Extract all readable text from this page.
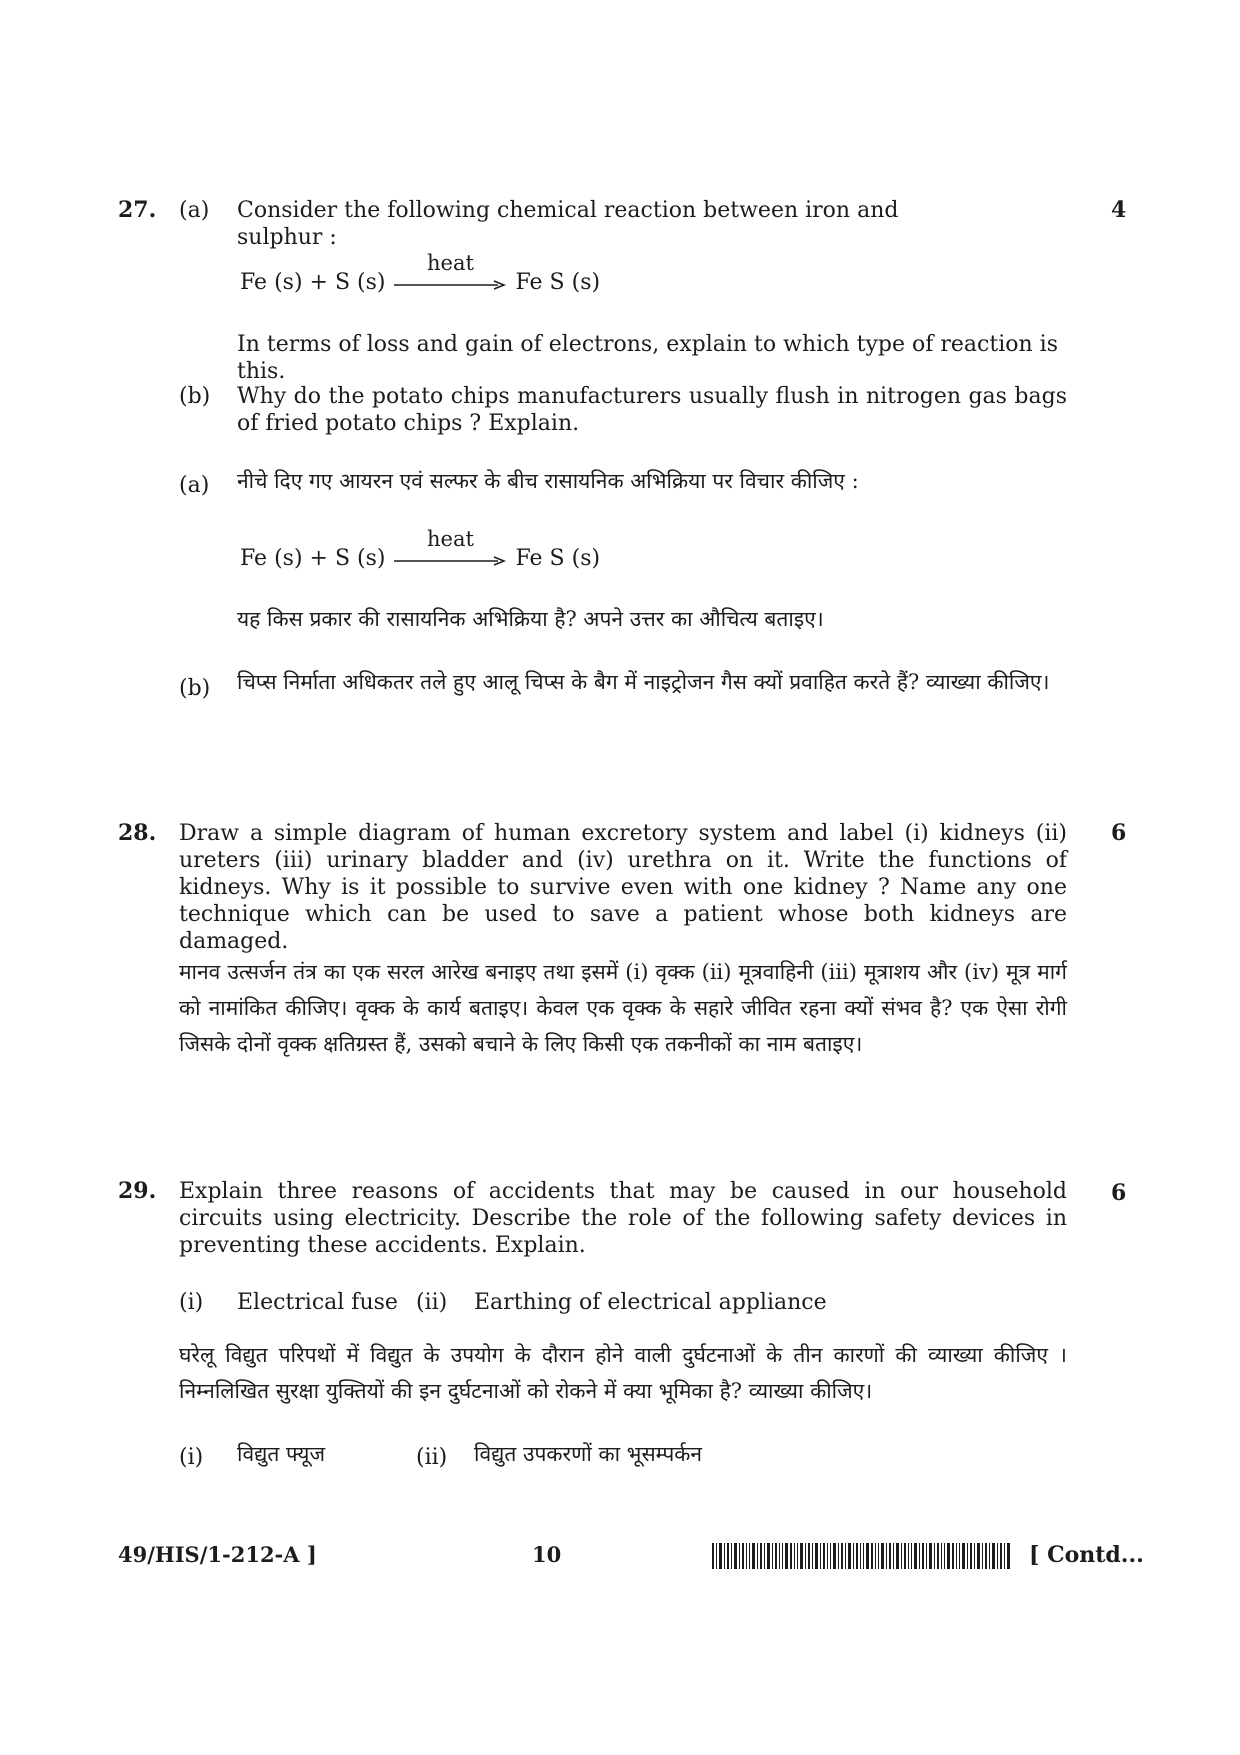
27. (a) Consider the following chemical reaction between iron and sulphur :
4
Fe (s) + S (s)
heat
Fe S (s)
In terms of loss and gain of electrons, explain to which type of reaction is this.
(b) Why do the potato chips manufacturers usually flush in nitrogen gas bags of fried potato chips ? Explain.
(a) नीचे दिए गए आयरन एवं सल्फर के बीच रासायनिक अभिक्रिया पर विचार कीजिए :
Fe (s) + S (s)
heat
Fe S (s)
यह किस प्रकार की रासायनिक अभिक्रिया है? अपने उत्तर का औचित्य बताइए।
(b) चिप्स निर्माता अधिकतर तले हुए आलू चिप्स के बैग में नाइट्रोजन गैस क्यों प्रवाहित करते हैं? व्याख्या कीजिए।
28. Draw a simple diagram of human excretory system and label (i) kidneys (ii) ureters (iii) urinary bladder and (iv) urethra on it. Write the functions of kidneys. Why is it possible to survive even with one kidney ? Name any one technique which can be used to save a patient whose both kidneys are damaged.
6
मानव उत्सर्जन तंत्र का एक सरल आरेख बनाइए तथा इसमें (i) वृक्क (ii) मूत्रवाहिनी (iii) मूत्राशय और (iv) मूत्र मार्ग को नामांकित कीजिए। वृक्क के कार्य बताइए। केवल एक वृक्क के सहारे जीवित रहना क्यों संभव है? एक ऐसा रोगी जिसके दोनों वृक्क क्षतिग्रस्त हैं, उसको बचाने के लिए किसी एक तकनीकों का नाम बताइए।
29. Explain three reasons of accidents that may be caused in our household circuits using electricity. Describe the role of the following safety devices in preventing these accidents. Explain.
6
(i) Electrical fuse (ii) Earthing of electrical appliance
घरेलू विद्युत परिपथों में विद्युत के उपयोग के दौरान होने वाली दुर्घटनाओं के तीन कारणों की व्याख्या कीजिए । निम्नलिखित सुरक्षा युक्तियों की इन दुर्घटनाओं को रोकने में क्या भूमिका है? व्याख्या कीजिए।
(i) विद्युत फ्यूज	(ii) विद्युत उपकरणों का भूसम्पर्कन
49/HIS/1-212-A ]	10	[ Contd...
